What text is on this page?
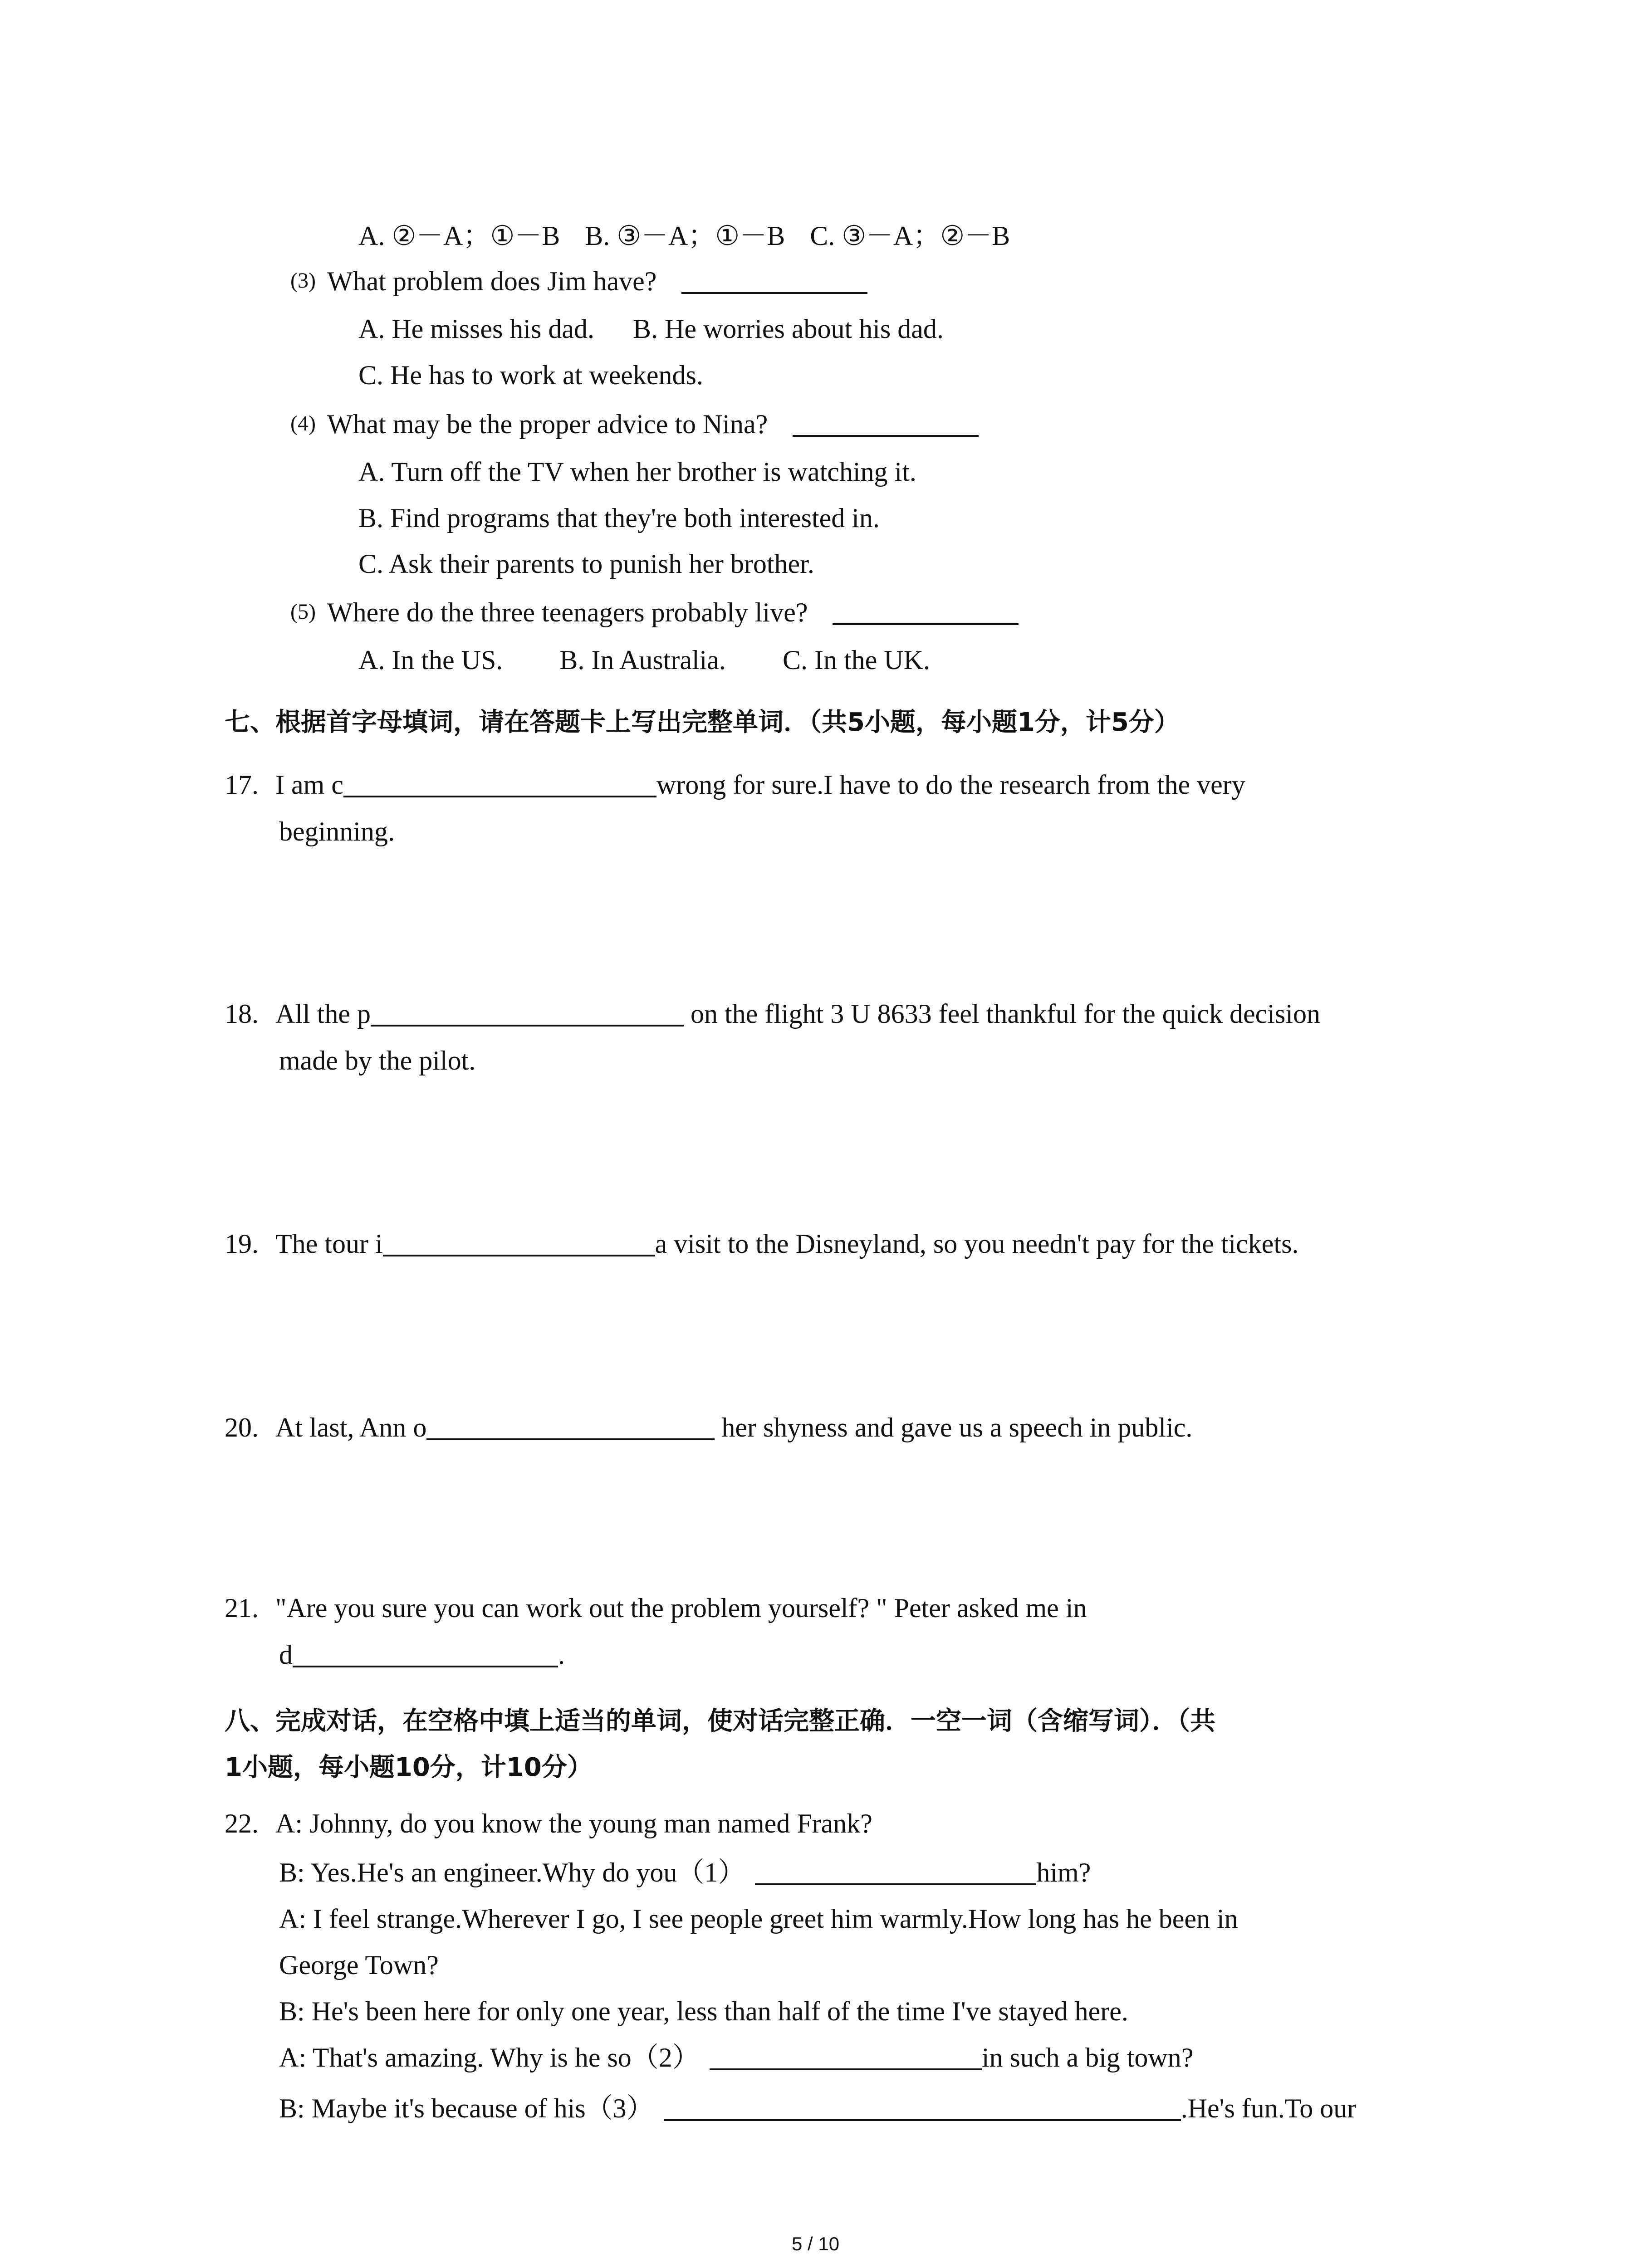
A. ②－A；①－B B. ③－A；①－B C. ③－A；②－B
(3) What problem does Jim have?
A. He misses his dad. B. He worries about his dad.
C. He has to work at weekends.
(4) What may be the proper advice to Nina?
A. Turn off the TV when her brother is watching it.
B. Find programs that they're both interested in.
C. Ask their parents to punish her brother.
(5) Where do the three teenagers probably live?
A. In the US. B. In Australia. C. In the UK.
七、根据首字母填词，请在答题卡上写出完整单词．（共5小题，每小题1分，计5分）
17. I am c	wrong for sure.I have to do the research from the very
beginning.
18. All the p	on the flight 3 U 8633 feel thankful for the quick decision
made by the pilot.
19. The tour i	a visit to the Disneyland, so you needn't pay for the tickets.
20. At last, Ann o	her shyness and gave us a speech in public.
21. "Are you sure you can work out the problem yourself? " Peter asked me in
d	.
八、完成对话，在空格中填上适当的单词，使对话完整正确．一空一词（含缩写词）．（共
1小题，每小题10分，计10分）
22. A: Johnny, do you know the young man named Frank?
B: Yes.He's an engineer.Why do you（1）	him?
A: I feel strange.Wherever I go, I see people greet him warmly.How long has he been in
George Town?
B: He's been here for only one year, less than half of the time I've stayed here.
A: That's amazing. Why is he so（2）	in such a big town?
B: Maybe it's because of his（3）	.He's fun.To our
5 / 10
